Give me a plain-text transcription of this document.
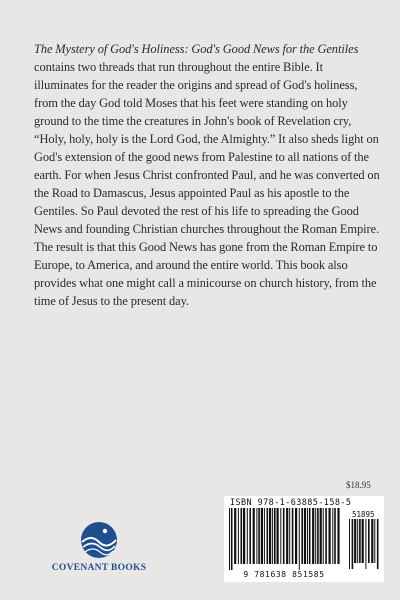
The Mystery of God's Holiness: God's Good News for the Gentiles contains two threads that run throughout the entire Bible. It illuminates for the reader the origins and spread of God's holiness, from the day God told Moses that his feet were standing on holy ground to the time the creatures in John's book of Revelation cry, “Holy, holy, holy is the Lord God, the Almighty.” It also sheds light on God's extension of the good news from Palestine to all nations of the earth. For when Jesus Christ confronted Paul, and he was converted on the Road to Damascus, Jesus appointed Paul as his apostle to the Gentiles. So Paul devoted the rest of his life to spreading the Good News and founding Christian churches throughout the Roman Empire. The result is that this Good News has gone from the Roman Empire to Europe, to America, and around the entire world. This book also provides what one might call a minicourse on church history, from the time of Jesus to the present day.

$18.95
ISBN 978-1-63885-158-5
51895
9 781638 851585
COVENANT BOOKS
